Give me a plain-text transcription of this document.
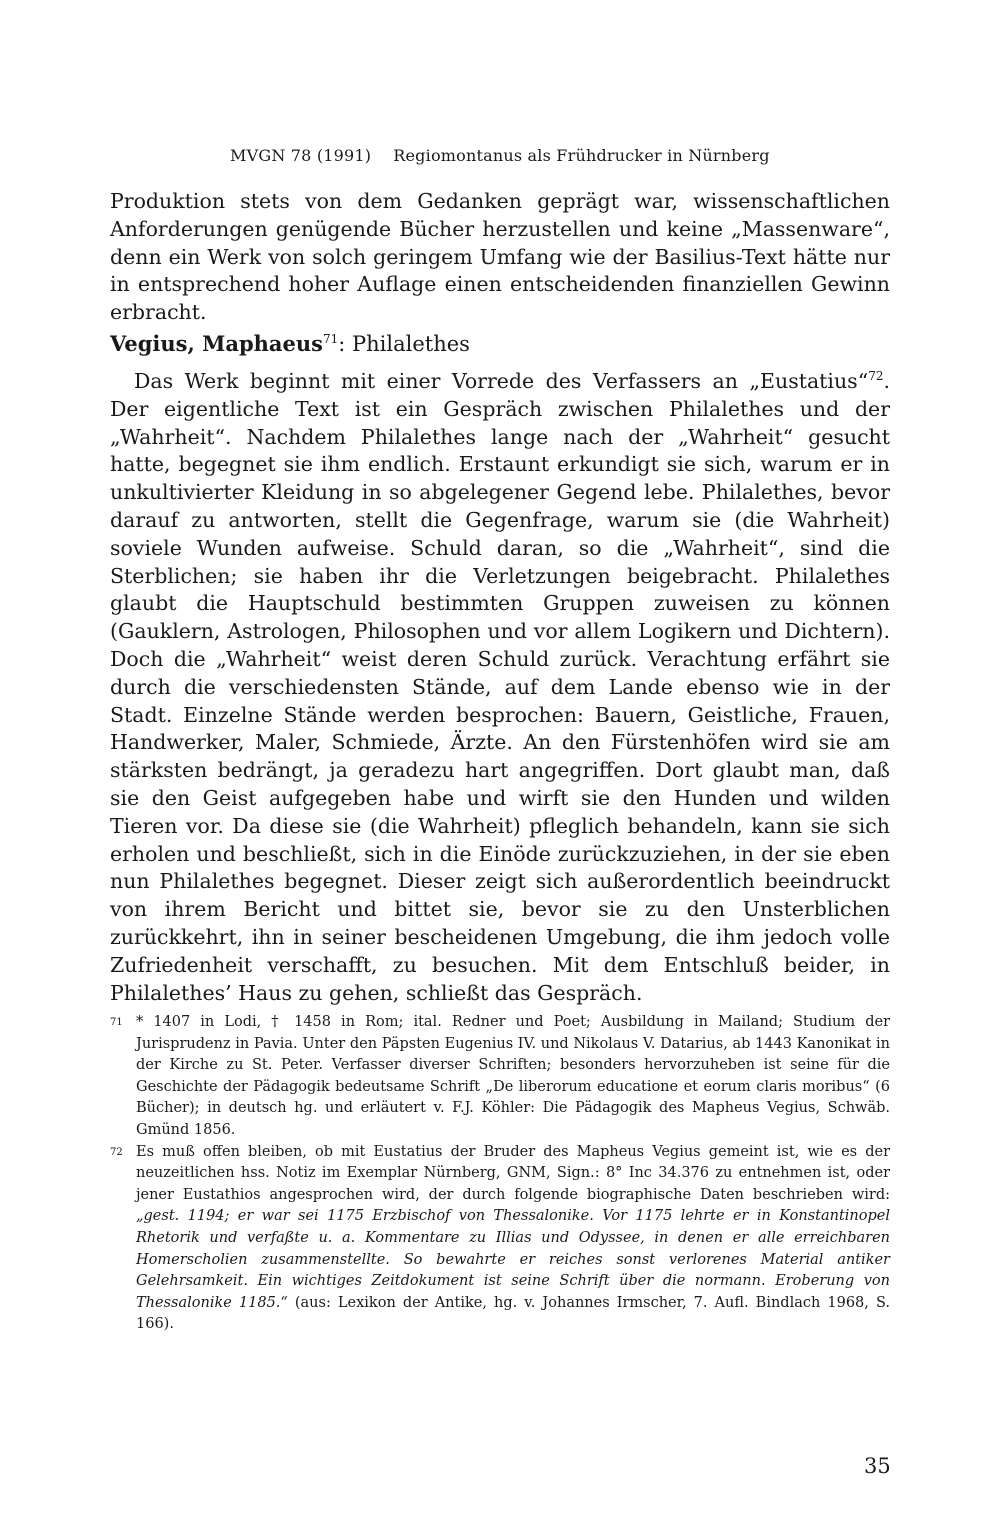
MVGN 78 (1991) Regiomontanus als Frühdrucker in Nürnberg

Produktion stets von dem Gedanken geprägt war, wissenschaftlichen Anforderungen genügende Bücher herzustellen und keine „Massenware“, denn ein Werk von solch geringem Umfang wie der Basilius-Text hätte nur in entsprechend hoher Auflage einen entscheidenden finanziellen Gewinn erbracht.

Vegius, Maphaeus$^{71}$: Philalethes

Das Werk beginnt mit einer Vorrede des Verfassers an „Eustatius“$^{72}$. Der eigentliche Text ist ein Gespräch zwischen Philalethes und der „Wahrheit“. Nachdem Philalethes lange nach der „Wahrheit“ gesucht hatte, begegnet sie ihm endlich. Erstaunt erkundigt sie sich, warum er in unkultivierter Kleidung in so abgelegener Gegend lebe. Philalethes, bevor darauf zu antworten, stellt die Gegenfrage, warum sie (die Wahrheit) soviele Wunden aufweise. Schuld daran, so die „Wahrheit“, sind die Sterblichen; sie haben ihr die Verletzungen beigebracht. Philalethes glaubt die Hauptschuld bestimmten Gruppen zuweisen zu können (Gauklern, Astrologen, Philosophen und vor allem Logikern und Dichtern). Doch die „Wahrheit“ weist deren Schuld zurück. Verachtung erfährt sie durch die verschiedensten Stände, auf dem Lande ebenso wie in der Stadt. Einzelne Stände werden besprochen: Bauern, Geistliche, Frauen, Handwerker, Maler, Schmiede, Ärzte. An den Fürstenhöfen wird sie am stärksten bedrängt, ja geradezu hart angegriffen. Dort glaubt man, daß sie den Geist aufgegeben habe und wirft sie den Hunden und wilden Tieren vor. Da diese sie (die Wahrheit) pfleglich behandeln, kann sie sich erholen und beschließt, sich in die Einöde zurückzuziehen, in der sie eben nun Philalethes begegnet. Dieser zeigt sich außerordentlich beeindruckt von ihrem Bericht und bittet sie, bevor sie zu den Unsterblichen zurückkehrt, ihn in seiner bescheidenen Umgebung, die ihm jedoch volle Zufriedenheit verschafft, zu besuchen. Mit dem Entschluß beider, in Philalethes’ Haus zu gehen, schließt das Gespräch.

71 * 1407 in Lodi, † 1458 in Rom; ital. Redner und Poet; Ausbildung in Mailand; Studium der Jurisprudenz in Pavia. Unter den Päpsten Eugenius IV. und Nikolaus V. Datarius, ab 1443 Kanonikat in der Kirche zu St. Peter. Verfasser diverser Schriften; besonders hervorzuheben ist seine für die Geschichte der Pädagogik bedeutsame Schrift „De liberorum educatione et eorum claris moribus“ (6 Bücher); in deutsch hg. und erläutert v. F.J. Köhler: Die Pädagogik des Mapheus Vegius, Schwäb. Gmünd 1856.

72 Es muß offen bleiben, ob mit Eustatius der Bruder des Mapheus Vegius gemeint ist, wie es der neuzeitlichen hss. Notiz im Exemplar Nürnberg, GNM, Sign.: 8° Inc 34.376 zu entnehmen ist, oder jener Eustathios angesprochen wird, der durch folgende biographische Daten beschrieben wird: „gest. 1194; er war sei 1175 Erzbischof von Thessalonike. Vor 1175 lehrte er in Konstantinopel Rhetorik und verfaßte u. a. Kommentare zu Illias und Odyssee, in denen er alle erreichbaren Homerscholien zusammenstellte. So bewahrte er reiches sonst verlorenes Material antiker Gelehrsamkeit. Ein wichtiges Zeitdokument ist seine Schrift über die normann. Eroberung von Thessalonike 1185.“ (aus: Lexikon der Antike, hg. v. Johannes Irmscher, 7. Aufl. Bindlach 1968, S. 166).

35
